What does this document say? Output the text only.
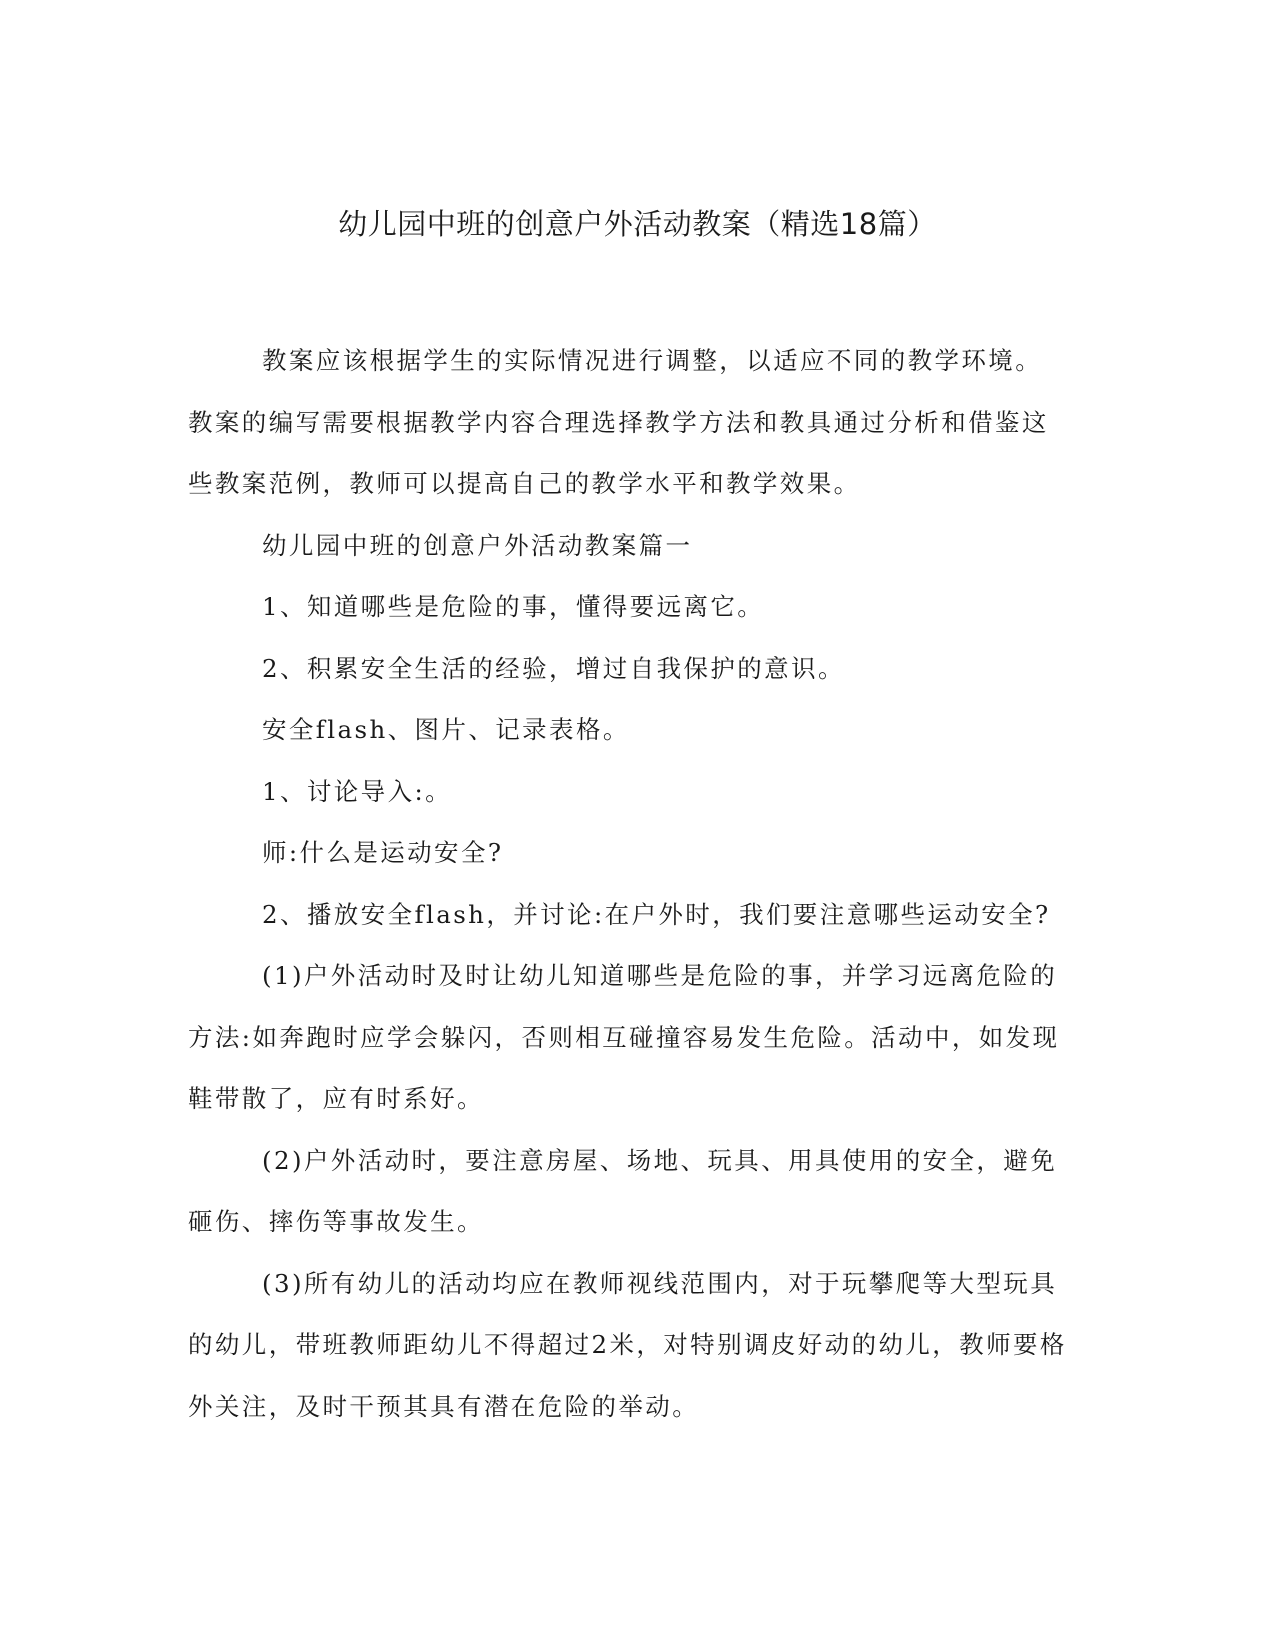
幼儿园中班的创意户外活动教案（精选18篇）

教案应该根据学生的实际情况进行调整，以适应不同的教学环境。教案的编写需要根据教学内容合理选择教学方法和教具通过分析和借鉴这些教案范例，教师可以提高自己的教学水平和教学效果。

幼儿园中班的创意户外活动教案篇一

1、知道哪些是危险的事，懂得要远离它。

2、积累安全生活的经验，增过自我保护的意识。

安全flash、图片、记录表格。

1、讨论导入:。

师:什么是运动安全?

2、播放安全flash，并讨论:在户外时，我们要注意哪些运动安全?

(1)户外活动时及时让幼儿知道哪些是危险的事，并学习远离危险的方法:如奔跑时应学会躲闪，否则相互碰撞容易发生危险。活动中，如发现鞋带散了，应有时系好。

(2)户外活动时，要注意房屋、场地、玩具、用具使用的安全，避免砸伤、摔伤等事故发生。

(3)所有幼儿的活动均应在教师视线范围内，对于玩攀爬等大型玩具的幼儿，带班教师距幼儿不得超过2米，对特别调皮好动的幼儿，教师要格外关注，及时干预其具有潜在危险的举动。
